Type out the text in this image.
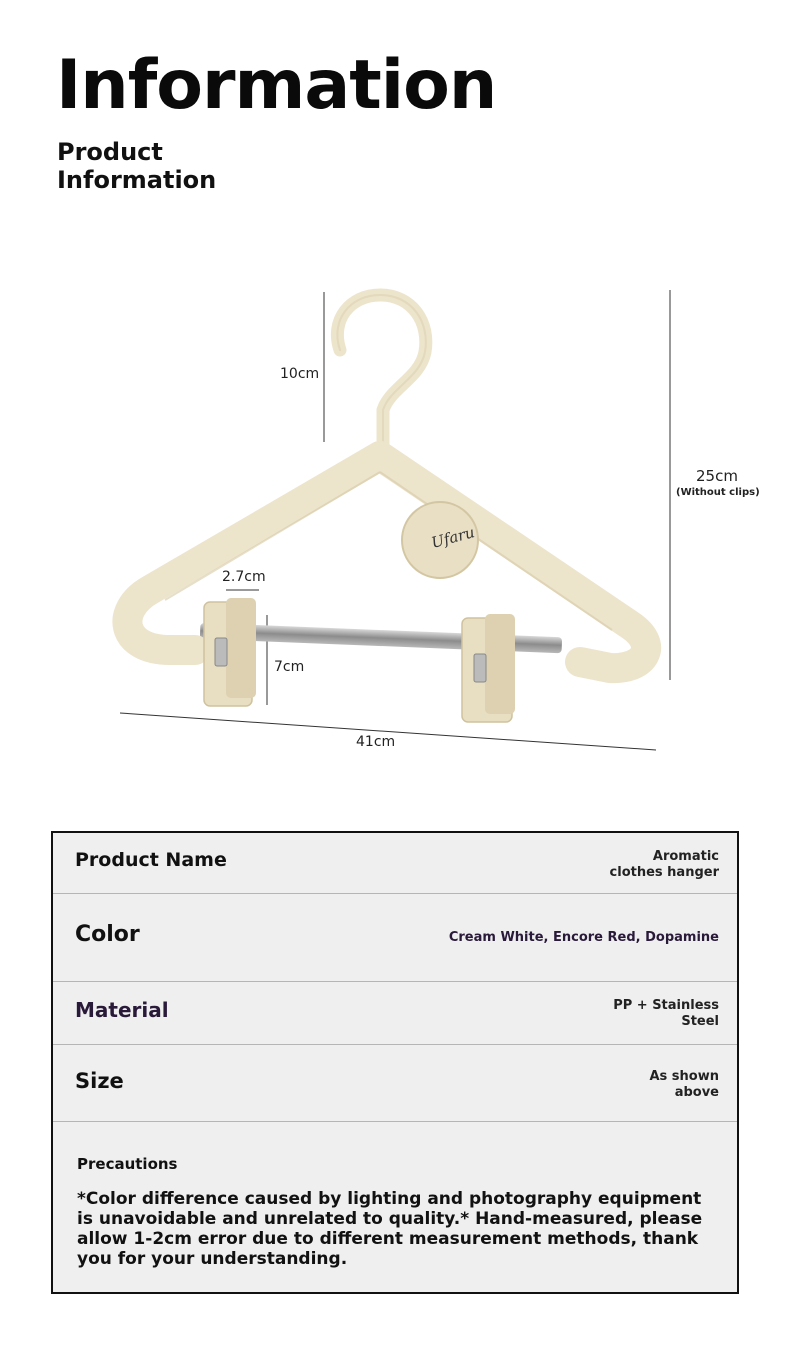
Information
Product Information
Ufaru
10cm
25cm
(Without clips)
2.7cm
7cm
41cm
Product Name	Aromatic clothes hanger
Color	Cream White, Encore Red, Dopamine
Material	PP + Stainless Steel
Size	As shown above
Precautions
*Color difference caused by lighting and photography equipment is unavoidable and unrelated to quality.* Hand-measured, please allow 1-2cm error due to different measurement methods, thank you for your understanding.
